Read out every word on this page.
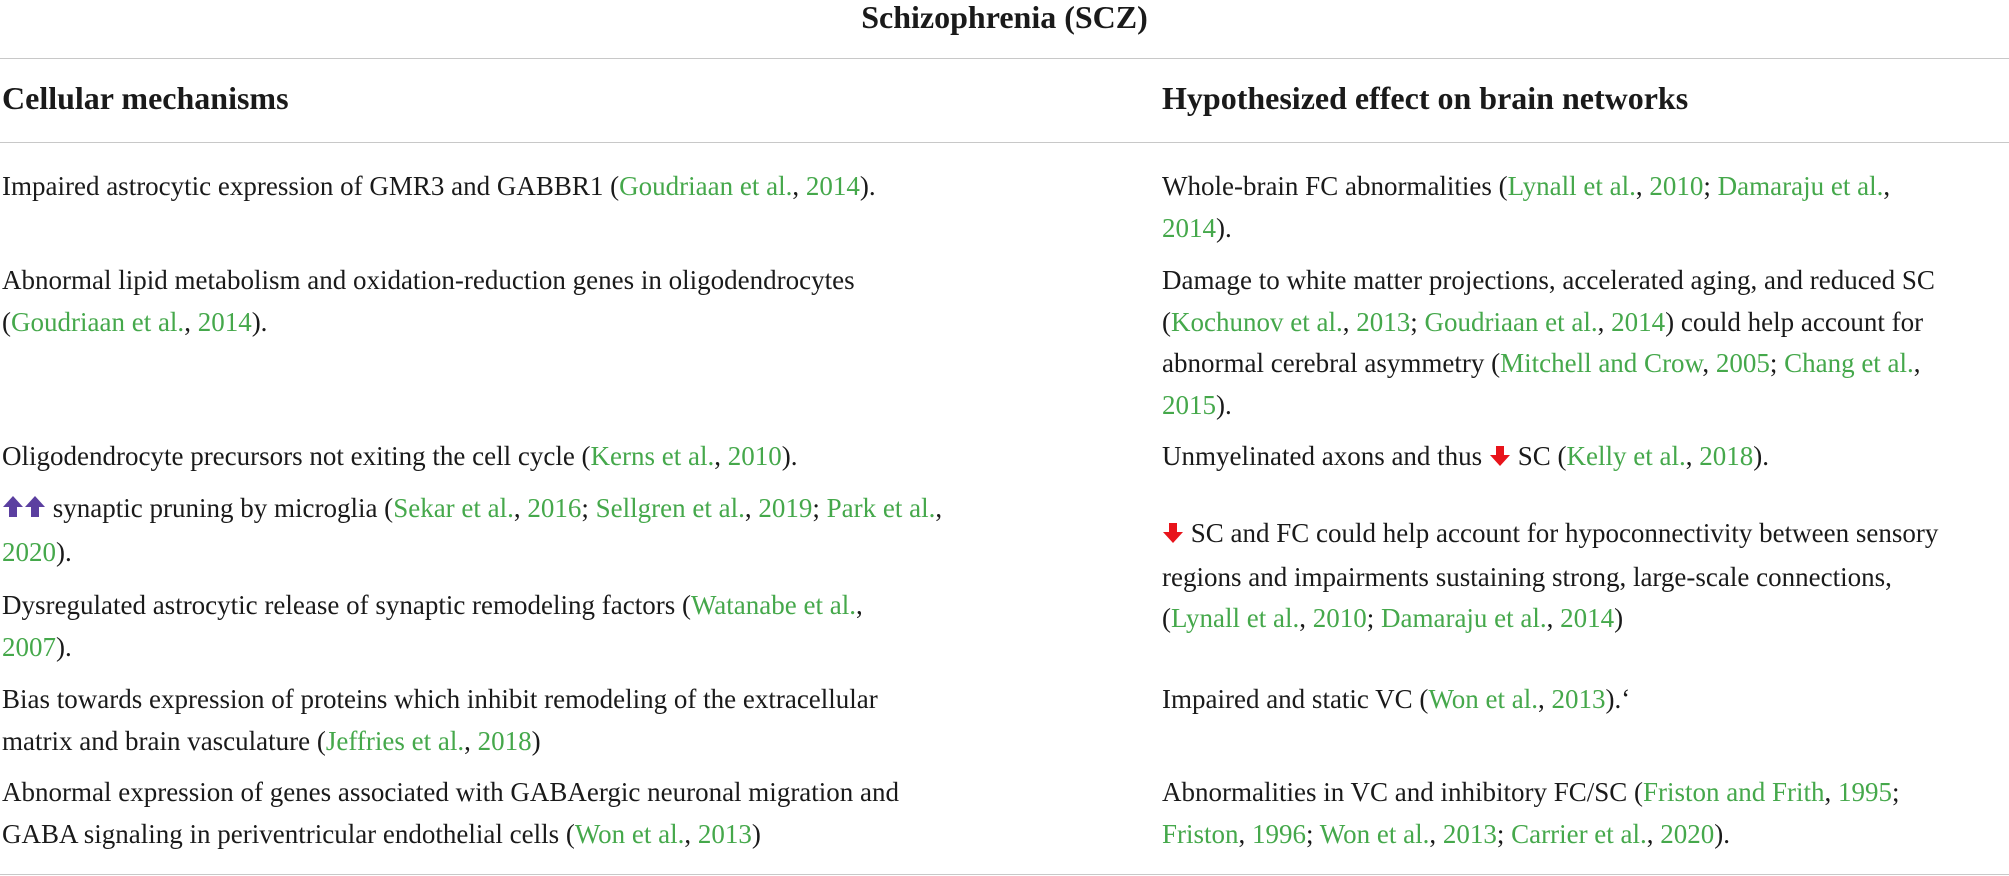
Schizophrenia (SCZ)
Cellular mechanisms	Hypothesized effect on brain networks
Impaired astrocytic expression of GMR3 and GABBR1 (Goudriaan et al., 2014).
Abnormal lipid metabolism and oxidation-reduction genes in oligodendrocytes
(Goudriaan et al., 2014).
Oligodendrocyte precursors not exiting the cell cycle (Kerns et al., 2010).
synaptic pruning by microglia (Sekar et al., 2016; Sellgren et al., 2019; Park et al.,
2020).
Dysregulated astrocytic release of synaptic remodeling factors (Watanabe et al.,
2007).
Bias towards expression of proteins which inhibit remodeling of the extracellular
matrix and brain vasculature (Jeffries et al., 2018)
Abnormal expression of genes associated with GABAergic neuronal migration and
GABA signaling in periventricular endothelial cells (Won et al., 2013)
Whole-brain FC abnormalities (Lynall et al., 2010; Damaraju et al.,
2014).
Damage to white matter projections, accelerated aging, and reduced SC
(Kochunov et al., 2013; Goudriaan et al., 2014) could help account for
abnormal cerebral asymmetry (Mitchell and Crow, 2005; Chang et al.,
2015).
Unmyelinated axons and thus  SC (Kelly et al., 2018).
SC and FC could help account for hypoconnectivity between sensory
regions and impairments sustaining strong, large-scale connections,
(Lynall et al., 2010; Damaraju et al., 2014)
Impaired and static VC (Won et al., 2013).‘
Abnormalities in VC and inhibitory FC/SC (Friston and Frith, 1995;
Friston, 1996; Won et al., 2013; Carrier et al., 2020).
